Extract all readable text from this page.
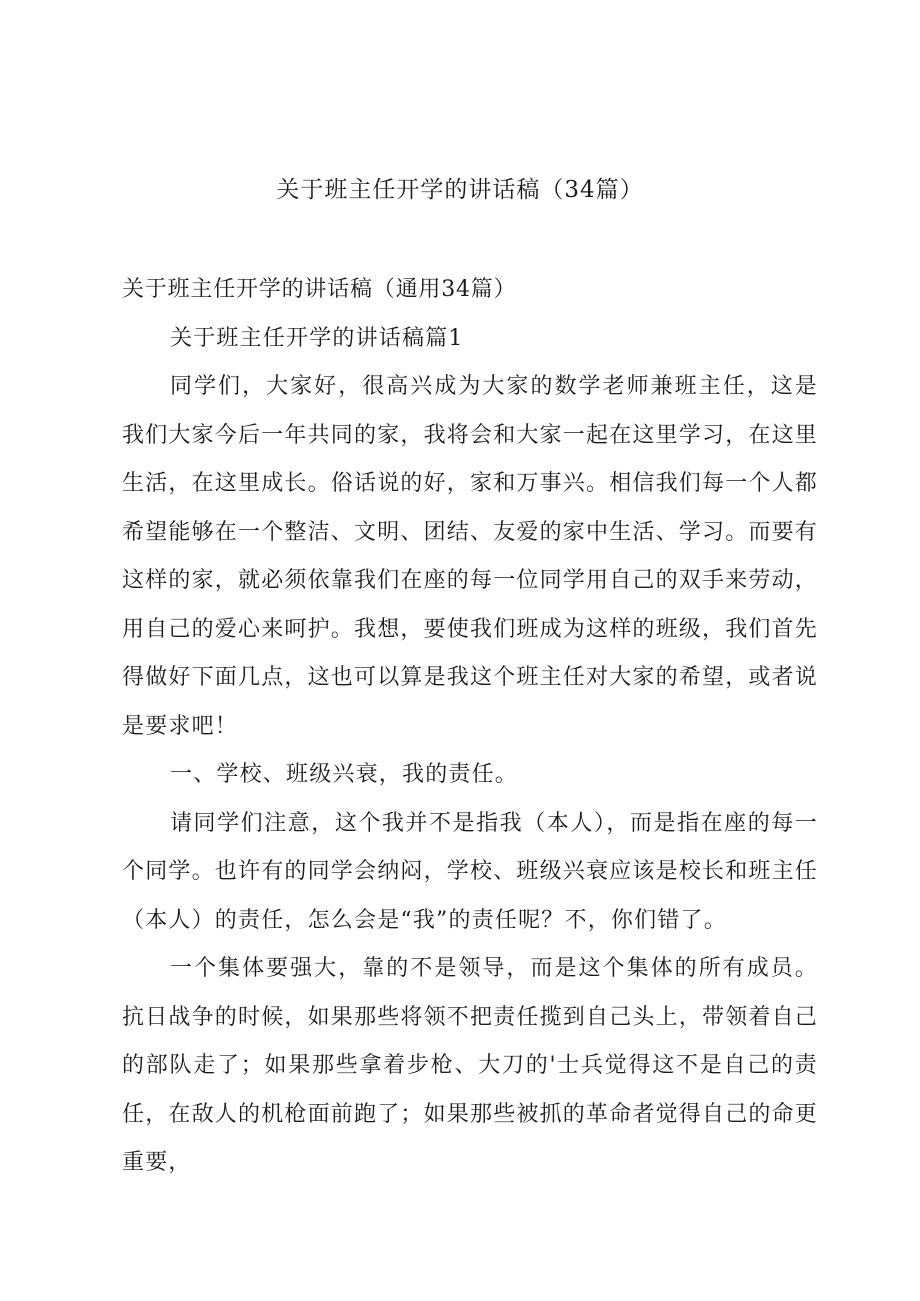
关于班主任开学的讲话稿（34篇）

关于班主任开学的讲话稿（通用34篇）

关于班主任开学的讲话稿篇1

同学们，大家好，很高兴成为大家的数学老师兼班主任，这是我们大家今后一年共同的家，我将会和大家一起在这里学习，在这里生活，在这里成长。俗话说的好，家和万事兴。相信我们每一个人都希望能够在一个整洁、文明、团结、友爱的家中生活、学习。而要有这样的家，就必须依靠我们在座的每一位同学用自己的双手来劳动，用自己的爱心来呵护。我想，要使我们班成为这样的班级，我们首先得做好下面几点，这也可以算是我这个班主任对大家的希望，或者说是要求吧！

一、学校、班级兴衰，我的责任。

请同学们注意，这个我并不是指我（本人），而是指在座的每一个同学。也许有的同学会纳闷，学校、班级兴衰应该是校长和班主任（本人）的责任，怎么会是“我”的责任呢？不，你们错了。

一个集体要强大，靠的不是领导，而是这个集体的所有成员。抗日战争的时候，如果那些将领不把责任揽到自己头上，带领着自己的部队走了；如果那些拿着步枪、大刀的'士兵觉得这不是自己的责任，在敌人的机枪面前跑了；如果那些被抓的革命者觉得自己的命更重要，
